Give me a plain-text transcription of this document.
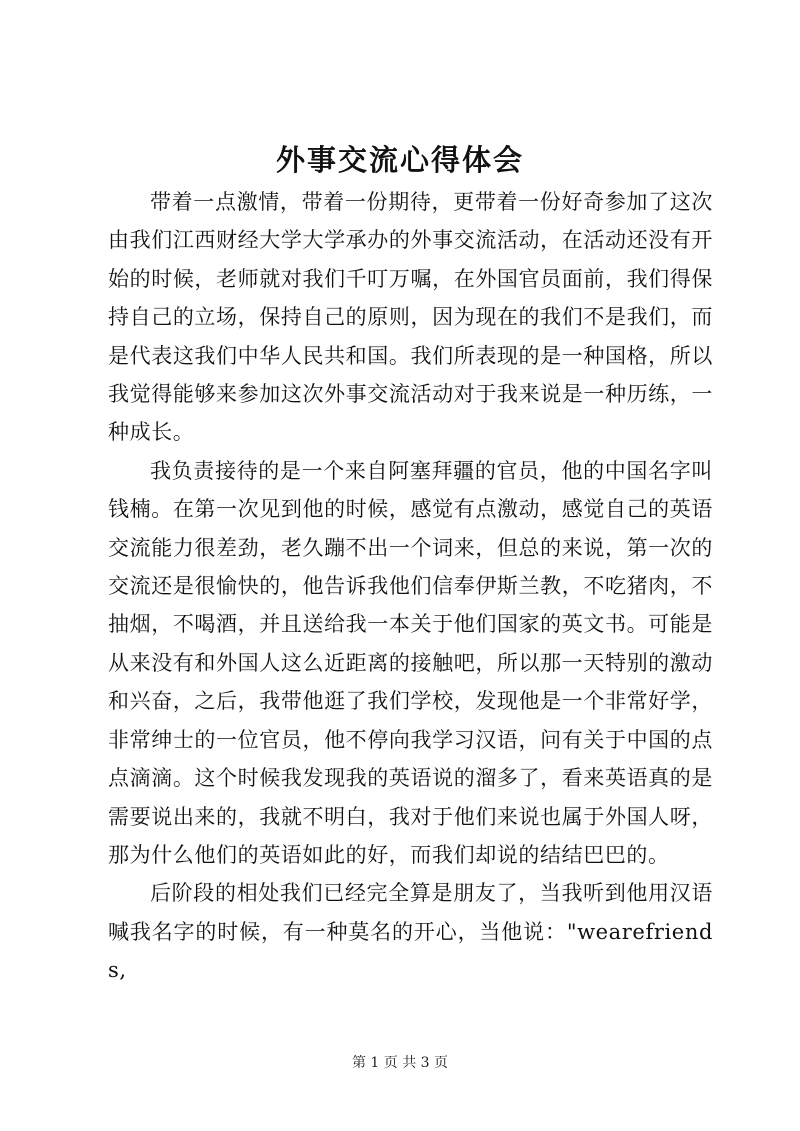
外事交流心得体会

带着一点激情，带着一份期待，更带着一份好奇参加了这次由我们江西财经大学大学承办的外事交流活动，在活动还没有开始的时候，老师就对我们千叮万嘱，在外国官员面前，我们得保持自己的立场，保持自己的原则，因为现在的我们不是我们，而是代表这我们中华人民共和国。我们所表现的是一种国格，所以我觉得能够来参加这次外事交流活动对于我来说是一种历练，一种成长。

我负责接待的是一个来自阿塞拜疆的官员，他的中国名字叫钱楠。在第一次见到他的时候，感觉有点激动，感觉自己的英语交流能力很差劲，老久蹦不出一个词来，但总的来说，第一次的交流还是很愉快的，他告诉我他们信奉伊斯兰教，不吃猪肉，不抽烟，不喝酒，并且送给我一本关于他们国家的英文书。可能是从来没有和外国人这么近距离的接触吧，所以那一天特别的激动和兴奋，之后，我带他逛了我们学校，发现他是一个非常好学，非常绅士的一位官员，他不停向我学习汉语，问有关于中国的点点滴滴。这个时候我发现我的英语说的溜多了，看来英语真的是需要说出来的，我就不明白，我对于他们来说也属于外国人呀，那为什么他们的英语如此的好，而我们却说的结结巴巴的。

后阶段的相处我们已经完全算是朋友了，当我听到他用汉语喊我名字的时候，有一种莫名的开心，当他说："wearefriends,

第 1 页 共 3 页
